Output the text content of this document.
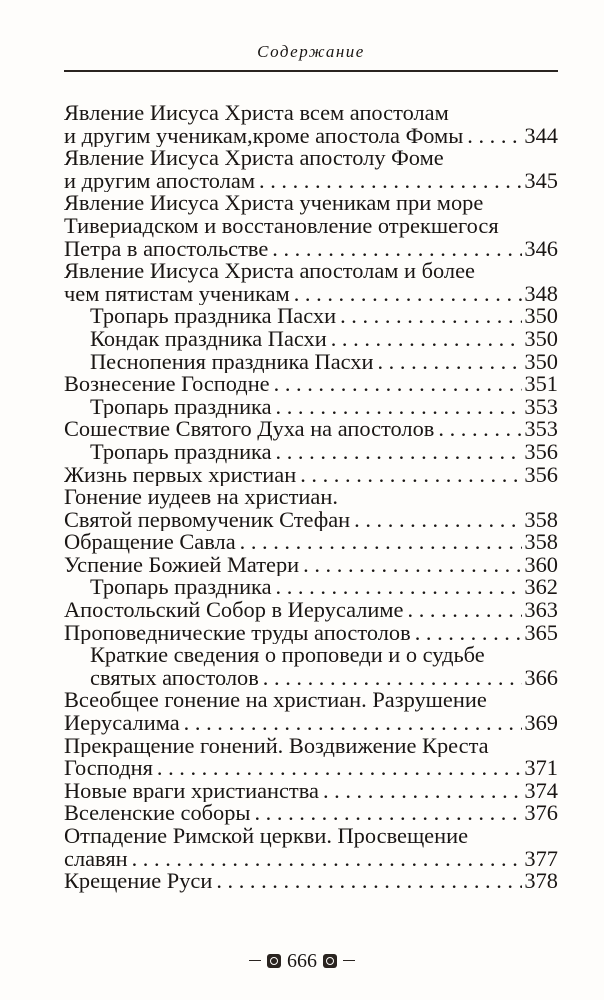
Содержание
Явление Иисуса Христа всем апостолам
и другим ученикам,кроме апостола Фомы . . .	344
Явление Иисуса Христа апостолу Фоме
и другим апостолам . . .	345
Явление Иисуса Христа ученикам при море
Тивериадском и восстановление отрекшегося
Петра в апостольстве . . .	346
Явление Иисуса Христа апостолам и более
чем пятистам ученикам . . .	348
Тропарь праздника Пасхи . . .	350
Кондак праздника Пасхи . . .	350
Песнопения праздника Пасхи . . .	350
Вознесение Господне . . .	351
Тропарь праздника . . .	353
Сошествие Святого Духа на апостолов . . .	353
Тропарь праздника . . .	356
Жизнь первых христиан . . .	356
Гонение иудеев на христиан.
Святой первомученик Стефан . . .	358
Обращение Савла . . .	358
Успение Божией Матери . . .	360
Тропарь праздника . . .	362
Апостольский Собор в Иерусалиме . . .	363
Проповеднические труды апостолов . . .	365
Краткие сведения о проповеди и о судьбе
святых апостолов . . .	366
Всеобщее гонение на христиан. Разрушение
Иерусалима . . .	369
Прекращение гонений. Воздвижение Креста
Господня . . .	371
Новые враги христианства . . .	374
Вселенские соборы . . .	376
Отпадение Римской церкви. Просвещение
славян . . .	377
Крещение Руси . . .	378
666
